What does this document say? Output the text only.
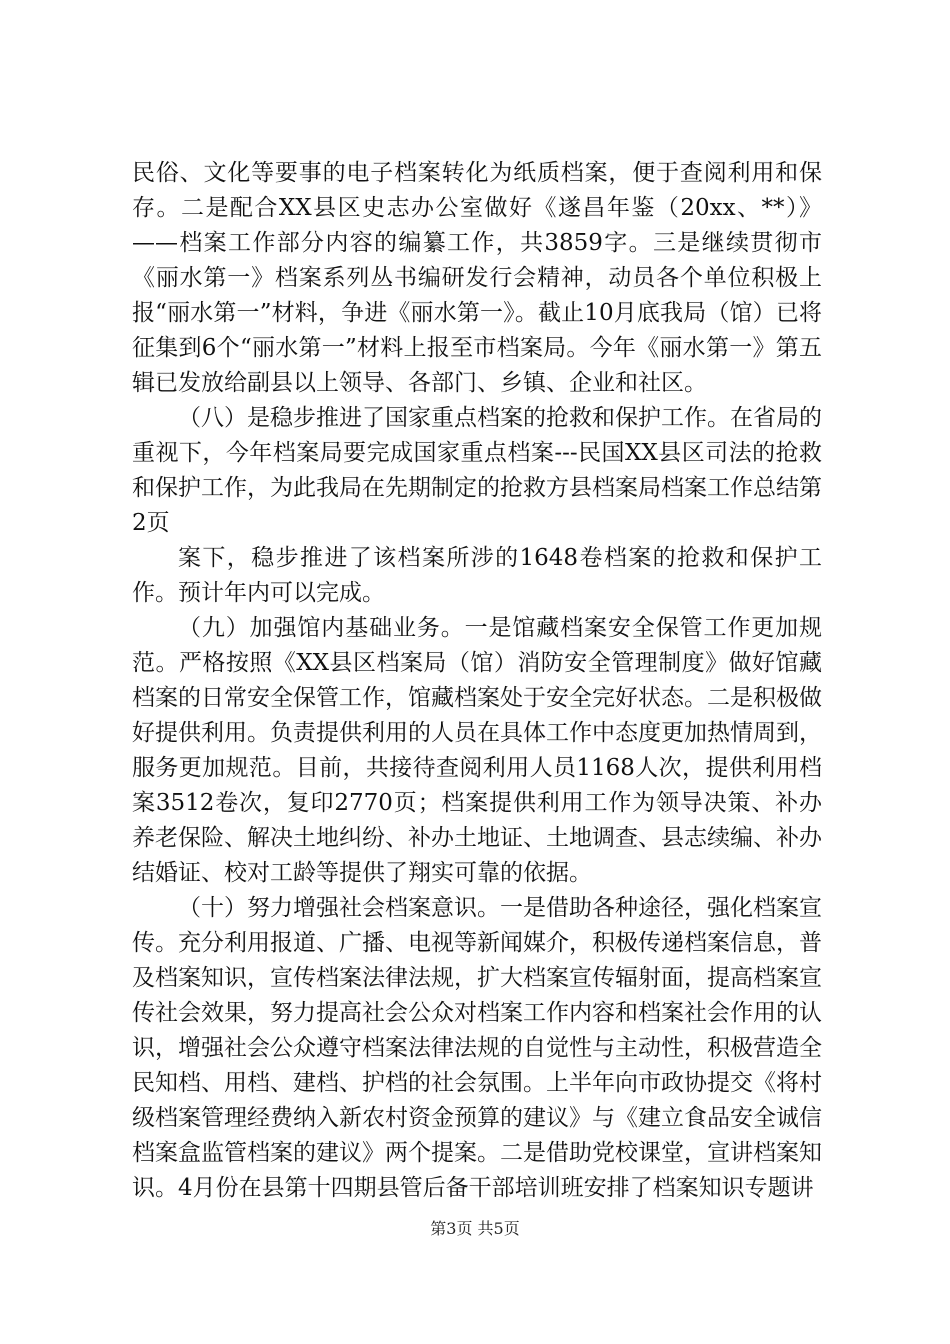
民俗、文化等要事的电子档案转化为纸质档案，便于查阅利用和保存。二是配合XX县区史志办公室做好《遂昌年鉴（20xx、**）》——档案工作部分内容的编纂工作，共3859字。三是继续贯彻市《丽水第一》档案系列丛书编研发行会精神，动员各个单位积极上报“丽水第一”材料，争进《丽水第一》。截止10月底我局（馆）已将征集到6个“丽水第一”材料上报至市档案局。今年《丽水第一》第五辑已发放给副县以上领导、各部门、乡镇、企业和社区。

（八）是稳步推进了国家重点档案的抢救和保护工作。在省局的重视下，今年档案局要完成国家重点档案---民国XX县区司法的抢救和保护工作，为此我局在先期制定的抢救方县档案局档案工作总结第2页

案下，稳步推进了该档案所涉的1648卷档案的抢救和保护工作。预计年内可以完成。

（九）加强馆内基础业务。一是馆藏档案安全保管工作更加规范。严格按照《XX县区档案局（馆）消防安全管理制度》做好馆藏档案的日常安全保管工作，馆藏档案处于安全完好状态。二是积极做好提供利用。负责提供利用的人员在具体工作中态度更加热情周到，服务更加规范。目前，共接待查阅利用人员1168人次，提供利用档案3512卷次，复印2770页；档案提供利用工作为领导决策、补办养老保险、解决土地纠纷、补办土地证、土地调查、县志续编、补办结婚证、校对工龄等提供了翔实可靠的依据。

（十）努力增强社会档案意识。一是借助各种途径，强化档案宣传。充分利用报道、广播、电视等新闻媒介，积极传递档案信息，普及档案知识，宣传档案法律法规，扩大档案宣传辐射面，提高档案宣传社会效果，努力提高社会公众对档案工作内容和档案社会作用的认识，增强社会公众遵守档案法律法规的自觉性与主动性，积极营造全民知档、用档、建档、护档的社会氛围。上半年向市政协提交《将村级档案管理经费纳入新农村资金预算的建议》与《建立食品安全诚信档案盒监管档案的建议》两个提案。二是借助党校课堂，宣讲档案知识。4月份在县第十四期县管后备干部培训班安排了档案知识专题讲

第3页 共5页
